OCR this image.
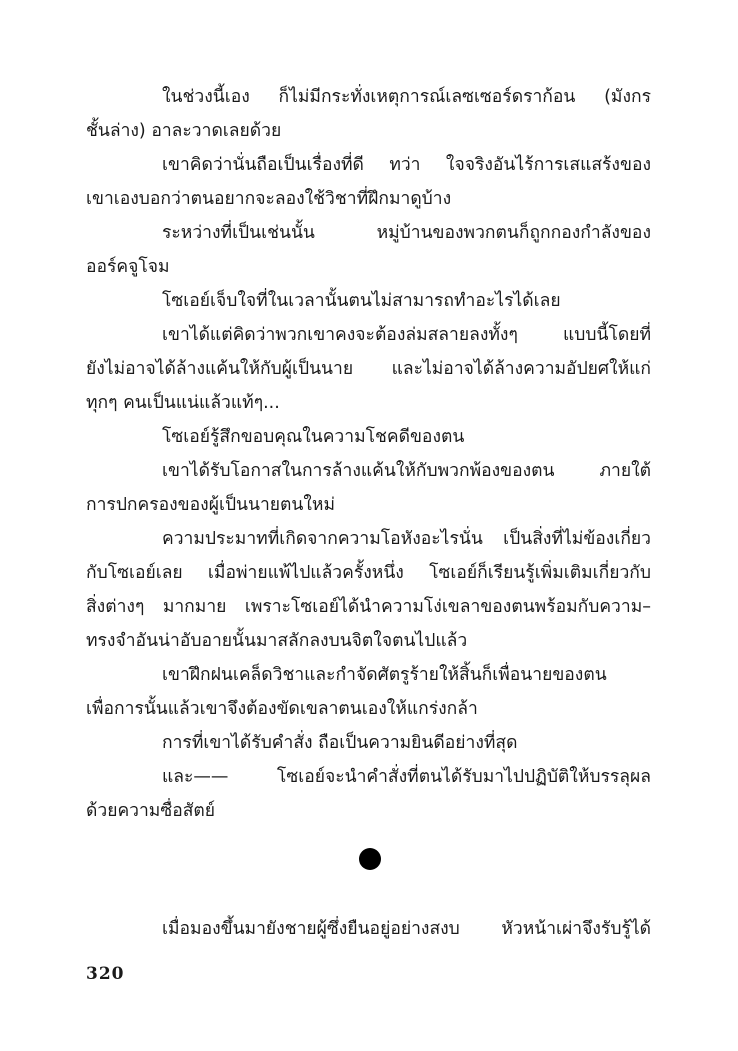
ในช่วงนี้เอง ก็ไม่มีกระทั่งเหตุการณ์เลซเซอร์ดราก้อน (มังกร
ชั้นล่าง) อาละวาดเลยด้วย
เขาคิดว่านั่นถือเป็นเรื่องที่ดี ทว่า ใจจริงอันไร้การเสแสร้งของ
เขาเองบอกว่าตนอยากจะลองใช้วิชาที่ฝึกมาดูบ้าง
ระหว่างที่เป็นเช่นนั้น หมู่บ้านของพวกตนก็ถูกกองกำลังของ
ออร์คจูโจม
โซเอย์เจ็บใจที่ในเวลานั้นตนไม่สามารถทำอะไรได้เลย
เขาได้แต่คิดว่าพวกเขาคงจะต้องล่มสลายลงทั้งๆ แบบนี้โดยที่
ยังไม่อาจได้ล้างแค้นให้กับผู้เป็นนาย และไม่อาจได้ล้างความอัปยศให้แก่
ทุกๆ คนเป็นแน่แล้วแท้ๆ...
โซเอย์รู้สึกขอบคุณในความโชคดีของตน
เขาได้รับโอกาสในการล้างแค้นให้กับพวกพ้องของตน ภายใต้
การปกครองของผู้เป็นนายตนใหม่
ความประมาทที่เกิดจากความโอหังอะไรนั่น เป็นสิ่งที่ไม่ข้องเกี่ยว
กับโซเอย์เลย เมื่อพ่ายแพ้ไปแล้วครั้งหนึ่ง โซเอย์ก็เรียนรู้เพิ่มเติมเกี่ยวกับ
สิ่งต่างๆ มากมาย เพราะโซเอย์ได้นำความโง่เขลาของตนพร้อมกับความ–
ทรงจำอันน่าอับอายนั้นมาสลักลงบนจิตใจตนไปแล้ว
เขาฝึกฝนเคล็ดวิชาและกำจัดศัตรูร้ายให้สิ้นก็เพื่อนายของตน
เพื่อการนั้นแล้วเขาจึงต้องขัดเขลาตนเองให้แกร่งกล้า
การที่เขาได้รับคำสั่ง ถือเป็นความยินดีอย่างที่สุด
และ—— โซเอย์จะนำคำสั่งที่ตนได้รับมาไปปฏิบัติให้บรรลุผล
ด้วยความซื่อสัตย์
เมื่อมองขึ้นมายังชายผู้ซึ่งยืนอยู่อย่างสงบ หัวหน้าเผ่าจึงรับรู้ได้
320
